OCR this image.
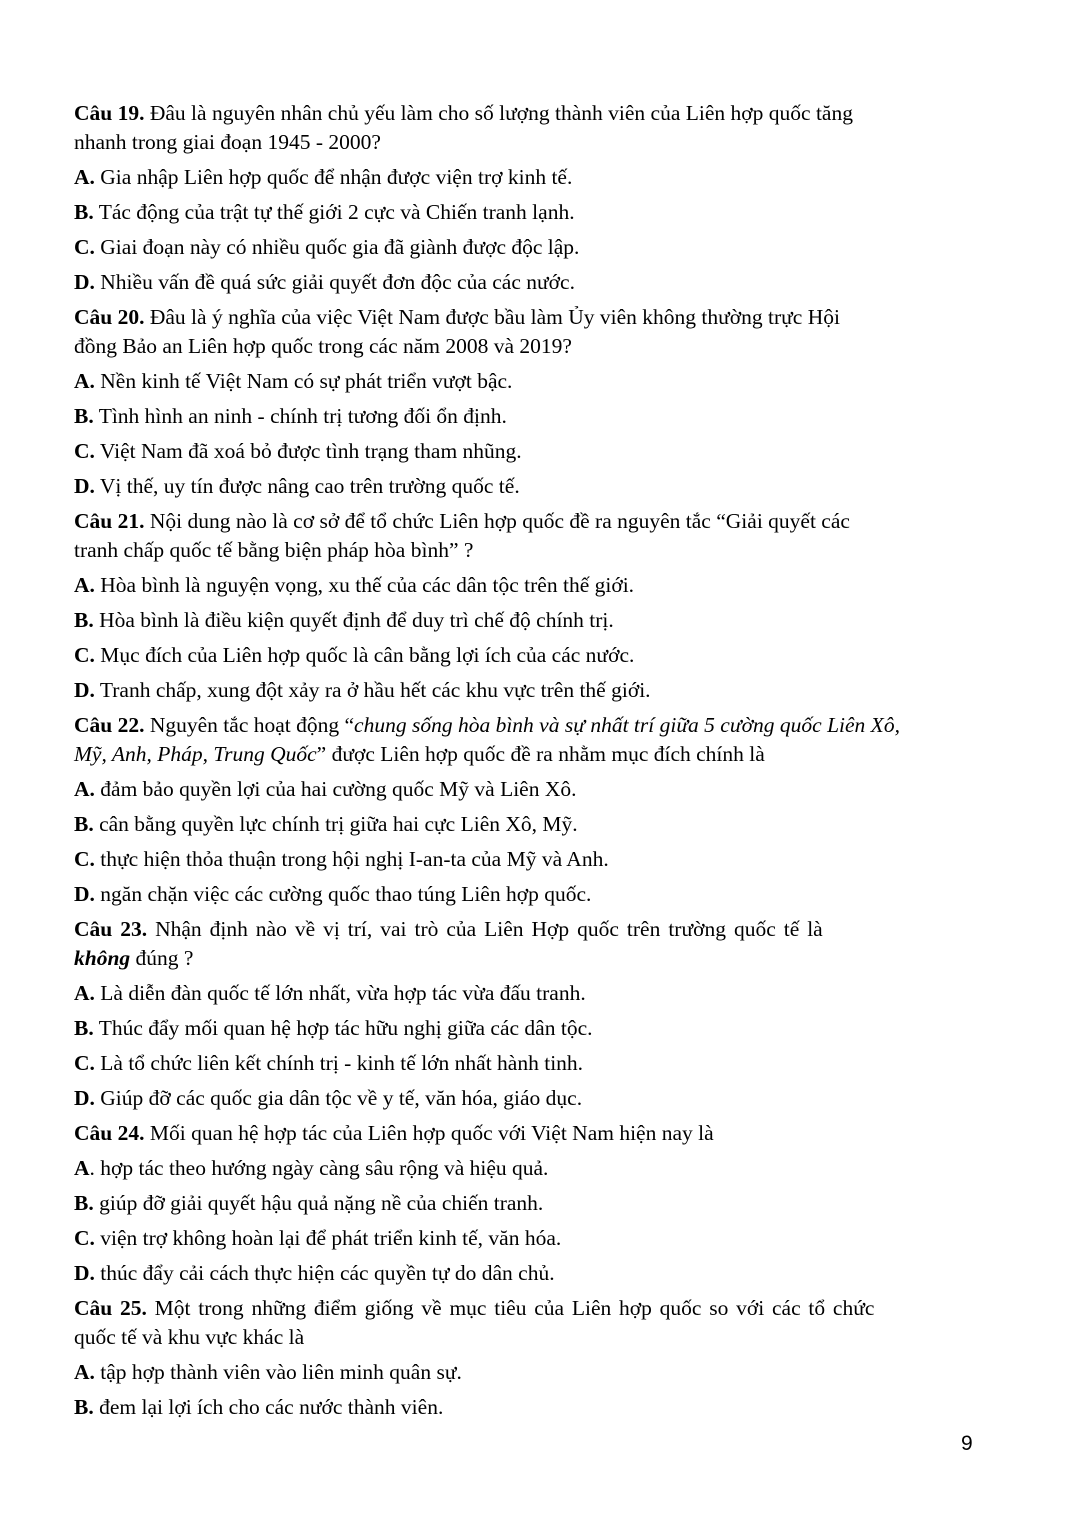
Câu 19. Đâu là nguyên nhân chủ yếu làm cho số lượng thành viên của Liên hợp quốc tăng
nhanh trong giai đoạn 1945 - 2000?
A. Gia nhập Liên hợp quốc để nhận được viện trợ kinh tế.
B. Tác động của trật tự thế giới 2 cực và Chiến tranh lạnh.
C. Giai đoạn này có nhiều quốc gia đã giành được độc lập.
D. Nhiều vấn đề quá sức giải quyết đơn độc của các nước.
Câu 20. Đâu là ý nghĩa của việc Việt Nam được bầu làm Ủy viên không thường trực Hội
đồng Bảo an Liên hợp quốc trong các năm 2008 và 2019?
A. Nền kinh tế Việt Nam có sự phát triển vượt bậc.
B. Tình hình an ninh - chính trị tương đối ổn định.
C. Việt Nam đã xoá bỏ được tình trạng tham nhũng.
D. Vị thế, uy tín được nâng cao trên trường quốc tế.
Câu 21. Nội dung nào là cơ sở để tổ chức Liên hợp quốc đề ra nguyên tắc “Giải quyết các
tranh chấp quốc tế bằng biện pháp hòa bình” ?
A. Hòa bình là nguyện vọng, xu thế của các dân tộc trên thế giới.
B. Hòa bình là điều kiện quyết định để duy trì chế độ chính trị.
C. Mục đích của Liên hợp quốc là cân bằng lợi ích của các nước.
D. Tranh chấp, xung đột xảy ra ở hầu hết các khu vực trên thế giới.
Câu 22. Nguyên tắc hoạt động “chung sống hòa bình và sự nhất trí giữa 5 cường quốc Liên Xô,
Mỹ, Anh, Pháp, Trung Quốc” được Liên hợp quốc đề ra nhằm mục đích chính là
A. đảm bảo quyền lợi của hai cường quốc Mỹ và Liên Xô.
B. cân bằng quyền lực chính trị giữa hai cực Liên Xô, Mỹ.
C. thực hiện thỏa thuận trong hội nghị I-an-ta của Mỹ và Anh.
D. ngăn chặn việc các cường quốc thao túng Liên hợp quốc.
Câu 23. Nhận định nào về vị trí, vai trò của Liên Hợp quốc trên trường quốc tế là
không đúng ?
A. Là diễn đàn quốc tế lớn nhất, vừa hợp tác vừa đấu tranh.
B. Thúc đẩy mối quan hệ hợp tác hữu nghị giữa các dân tộc.
C. Là tổ chức liên kết chính trị - kinh tế lớn nhất hành tinh.
D. Giúp đỡ các quốc gia dân tộc về y tế, văn hóa, giáo dục.
Câu 24. Mối quan hệ hợp tác của Liên hợp quốc với Việt Nam hiện nay là
A. hợp tác theo hướng ngày càng sâu rộng và hiệu quả.
B. giúp đỡ giải quyết hậu quả nặng nề của chiến tranh.
C. viện trợ không hoàn lại để phát triển kinh tế, văn hóa.
D. thúc đẩy cải cách thực hiện các quyền tự do dân chủ.
Câu 25. Một trong những điểm giống về mục tiêu của Liên hợp quốc so với các tổ chức
quốc tế và khu vực khác là
A. tập hợp thành viên vào liên minh quân sự.
B. đem lại lợi ích cho các nước thành viên.
9
